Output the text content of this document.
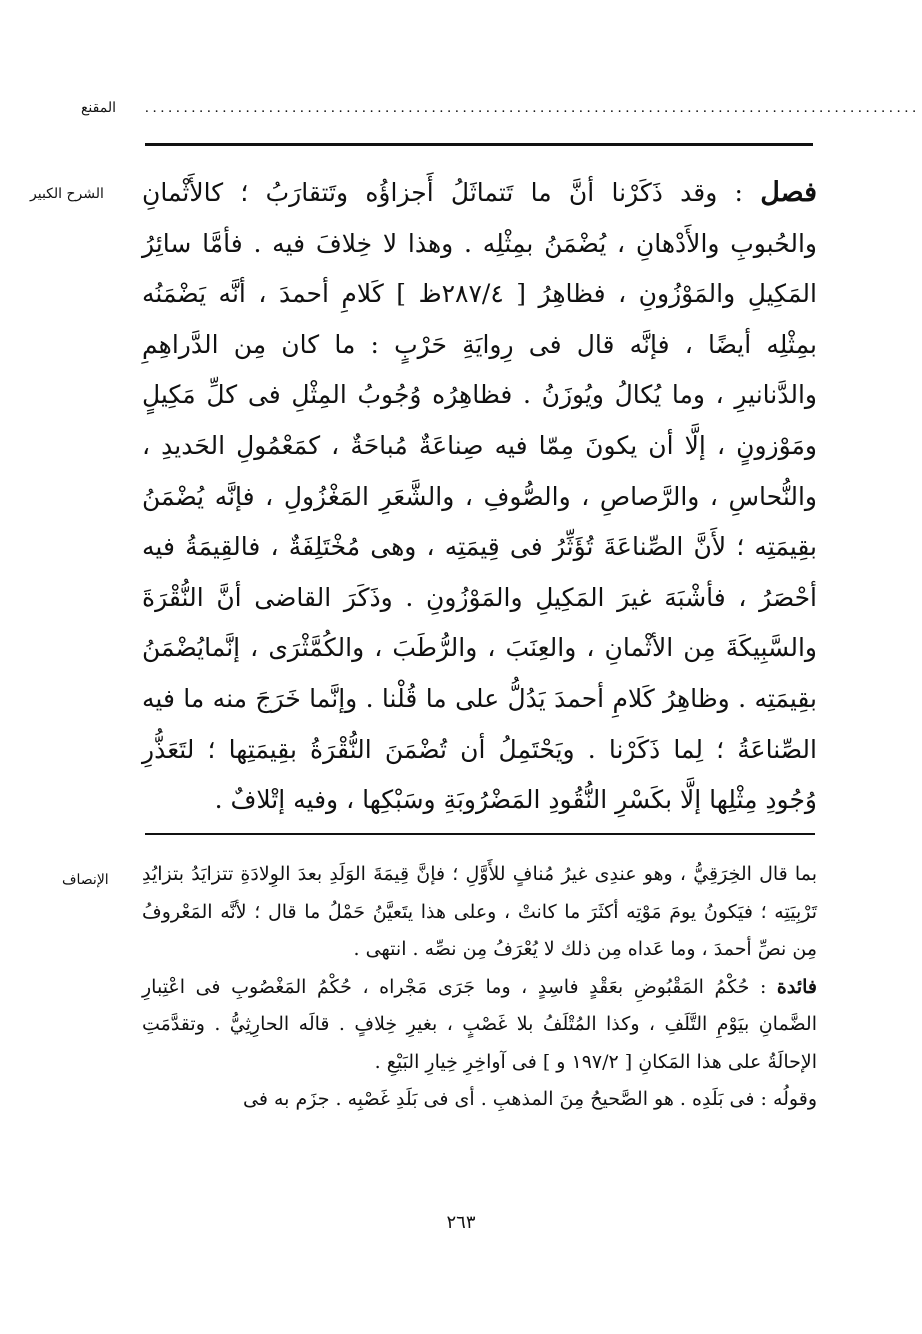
المقنع ....................................................................................................
الشرح الكبير	فصل : وقد ذَكَرْنا أنَّ ما تَتماثَلُ أَجزاؤُه وتَتقارَبُ ؛ كالأَثْمانِ والحُبوبِ والأَدْهانِ ، يُضْمَنُ بمِثْلِه . وهذا لا خِلافَ فيه . فأمَّا سائِرُ المَكِيلِ والمَوْزُونِ ، فظاهِرُ [ ٢٨٧/٤ظ ] كَلامِ أحمدَ ، أنَّه يَضْمَنُه بمِثْلِه أيضًا ، فإنَّه قال فى رِوايَةِ حَرْبٍ : ما كان مِن الدَّراهِمِ والدَّنانيرِ ، وما يُكالُ ويُوزَنُ . فظاهِرُه وُجُوبُ المِثْلِ فى كلِّ مَكِيلٍ ومَوْزونٍ ، إلَّا أن يكونَ مِمّا فيه صِناعَةٌ مُباحَةٌ ، كمَعْمُولِ الحَديدِ ، والنُّحاسِ ، والرَّصاصِ ، والصُّوفِ ، والشَّعَرِ المَغْزُولِ ، فإنَّه يُضْمَنُ بقِيمَتِه ؛ لأَنَّ الصِّناعَةَ تُؤَثِّرُ فى قِيمَتِه ، وهى مُخْتَلِفَةٌ ، فالقِيمَةُ فيه أحْصَرُ ، فأشْبَهَ غيرَ المَكِيلِ والمَوْزُونِ . وذَكَرَ القاضى أنَّ النُّقْرَةَ والسَّبِيكَةَ مِن الأثْمانِ ، والعِنَبَ ، والرُّطَبَ ، والكُمَّثْرَى ، إنَّمايُضْمَنُ بقِيمَتِه . وظاهِرُ كَلامِ أحمدَ يَدُلُّ على ما قُلْنا . وإنَّما خَرَجَ منه ما فيه الصِّناعَةُ ؛ لِما ذَكَرْنا . ويَحْتَمِلُ أن تُضْمَنَ النُّقْرَةُ بقِيمَتِها ؛ لتَعَذُّرِ وُجُودِ مِثْلِها إلَّا بكَسْرِ النُّقُودِ المَضْرُوبَةِ وسَبْكِها ، وفيه إتْلافٌ .
الإنصاف بما قال الخِرَقِيُّ ، وهو عندِى غيرُ مُنافٍ للأَوَّلِ ؛ فإنَّ قِيمَةَ الوَلَدِ بعدَ الوِلادَةِ تتزايَدُ بتزايُدِ تَرْبِيَتِه ؛ فيَكونُ يومَ مَوْتِه أكثَرَ ما كانتْ ، وعلى هذا يتَعيَّنُ حَمْلُ ما قال ؛ لأنَّه المَعْروفُ مِن نصِّ أحمدَ ، وما عَداه مِن ذلك لا يُعْرَفُ مِن نصِّه . انتهى .

فائدة : حُكْمُ المَقْبُوضِ بعَقْدٍ فاسِدٍ ، وما جَرَى مَجْراه ، حُكْمُ المَغْصُوبِ فى اعْتِبارِ الضَّمانِ بيَوْمِ التَّلَفِ ، وكذا المُتْلَفُ بلا غَصْبٍ ، بغيرِ خِلافٍ . قالَه الحارِثِيُّ . وتقدَّمَتِ الإحالَةُ على هذا المَكانِ [ ١٩٧/٢ و ] فى آواخِرِ خِيارِ البَيْعِ .

وقولُه : فى بَلَدِه . هو الصَّحيحُ مِنَ المذهبِ . أى فى بَلَدِ غَصْبِه . جزَم به فى

٢٦٣
